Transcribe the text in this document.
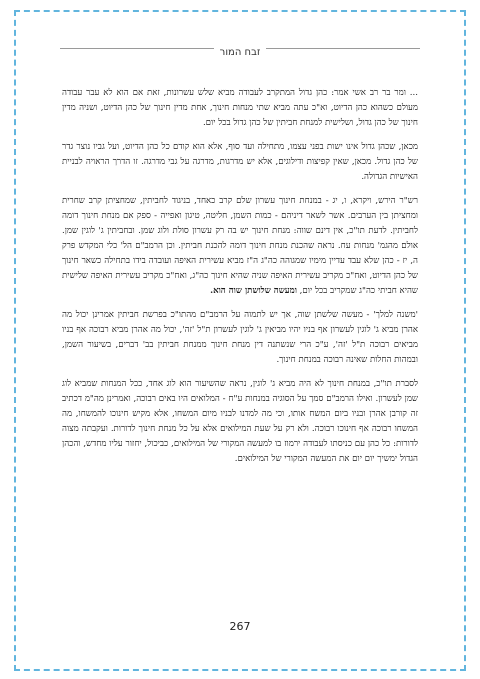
זבח המור

... ומר בר רב אשי אמר: כהן גדול המתקרב לעבודה מביא שלש עשרונות, זאת אם הוא לא עבר עבודה מעולם כשהוא כהן הדיוט, וא"כ עתה מביא שתי מנחות חינוך, אחת מדין חינוך של כהן הדיוט, ושניה מדין חינוך של כהן גדול, ושלישית למנחת חביתין של כהן גדול בכל יום.

מכאן, שכהן גדול אינו ישות בפני עצמו, מתחילה ועד סוף, אלא הוא קודם כל כהן הדיוט, ועל גביו נוצר גדר של כהן גדול. מכאן, שאין קפיצות ודילוגים, אלא יש מדרגות, מדרגה על גבי מדרגה. זו הדרך הראויה לבניית האישיות הגדולה.

רש"ר הירש, ויקרא, ו, יג - במנחת חינוך עשרון שלם קרב כאחד, בניגוד לחביתין, שמחציתן קרב שחרית ומחציתן בין הערבים. אשר לשאר דיניהם - כמות השמן, חליטה, טיגון ואפייה - ספק אם מנחת חינוך דומה לחביתין. לדעת תו"כ, אין דינם שווה: מנחת חינוך יש בה רק עשרון סולת ולוג שמן. ובחביתין ג' לוגין שמן. אולם מהגמ' מנחות עח. נראה שהכנת מנחת חינוך דומה להכנת חביתין. וכן הרמב"ם הל' כלי המקדש פרק ה, יז - כהן שלא עבד עדיין מימיו שמגוהה כה"ג ה"ז מביא עשירית האיפה ועובדה בידו בתחילה כשאר חינוך של כהן הדיוט, ואח"כ מקריב עשירית האיפה שניה שהיא חינוך כה"ג, ואח"כ מקריב עשירית האיפה שלישית שהיא חביתי כה"ג שמקריב בכל יום, ומעשה שלושתן שוה הוא.

'משנה למלך' - מעשה שלשתן שוה, אך יש לתמוה על הרמב"ם מהתו"כ בפרשת חביתין אמרינן יכול מה אהרן מביא ג' לוגין לעשרון אף בניו יהיו מביאין ג' לוגין לעשרון ת"ל 'זה', יכול מה אהרן מביא רבוכה אף בניו מביאים רבוכה ת"ל 'זה', ע"כ הרי שנשתנה דין מנחת חינוך ממנחת חביתין בב' דברים, בשיעור השמן, ובמהות החלות שאינה רבוכה במנחת חינוך.

לסברת תו"כ, במנחת חינוך לא היה מביא ג' לוגין, נראה שהשיעור הוא לוג אחד, ככל המנחות שמביא לוג שמן לעשרון. ואילו הרמב"ם סמך על הסוגיה במנחות ע"ח - המלואים היו באים רבוכה, ואמרינן מה"מ דכתיב זה קורבן אהרן ובניו ביום המשח אותו, וכי מה למדנו לבניו מיום המשחו, אלא מקיש חינוכו להמשחו, מה המשחו רבוכה אף חינוכו רבוכה. ולא רק על שעת המילואים אלא על כל מנחת חינוך לדורות. ועקבתה מצוה לדורות: כל כהן עם כניסתו לעבודה ירמוז בו למעשה המקורי של המילואים, כביכול, יחזור עליו מחדש, והכהן הגדול ימשיך יום יום את המעשה המקורי של המילואים.

267
